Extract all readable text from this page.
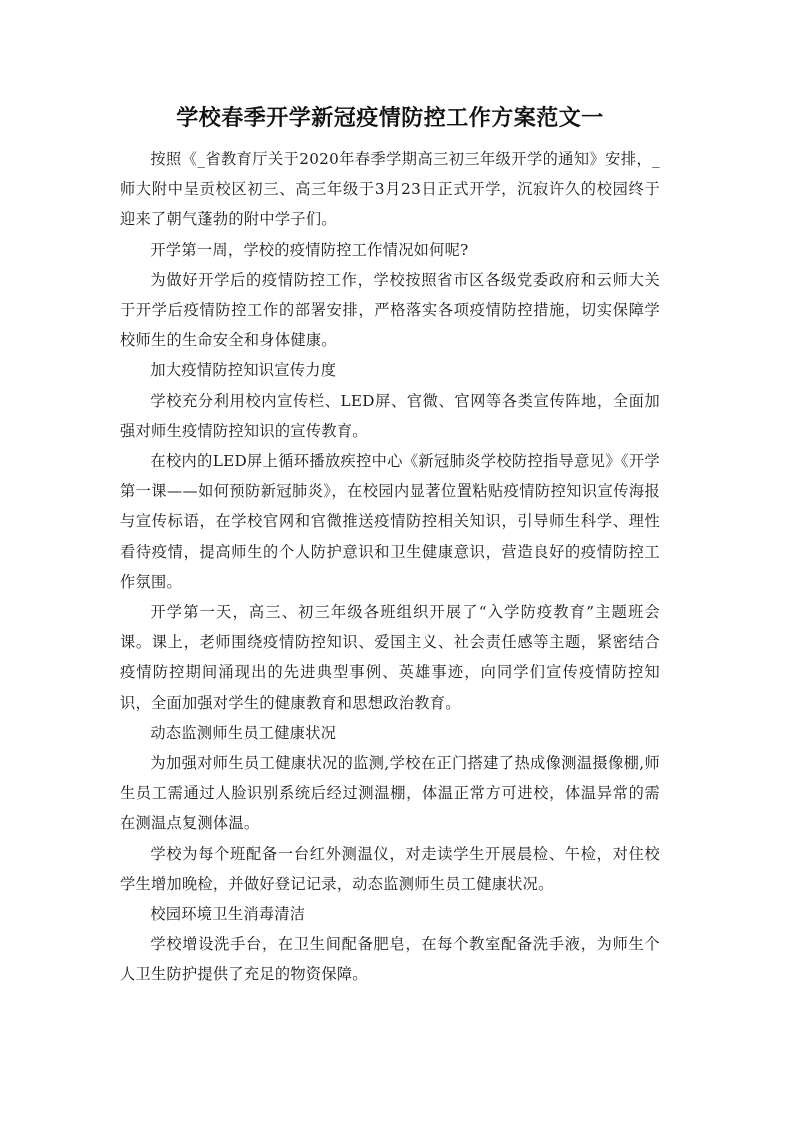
学校春季开学新冠疫情防控工作方案范文一

按照《_省教育厅关于2020年春季学期高三初三年级开学的通知》安排，_师大附中呈贡校区初三、高三年级于3月23日正式开学，沉寂许久的校园终于迎来了朝气蓬勃的附中学子们。

开学第一周，学校的疫情防控工作情况如何呢?

为做好开学后的疫情防控工作，学校按照省市区各级党委政府和云师大关于开学后疫情防控工作的部署安排，严格落实各项疫情防控措施，切实保障学校师生的生命安全和身体健康。

加大疫情防控知识宣传力度

学校充分利用校内宣传栏、LED屏、官微、官网等各类宣传阵地，全面加强对师生疫情防控知识的宣传教育。

在校内的LED屏上循环播放疾控中心《新冠肺炎学校防控指导意见》《开学第一课——如何预防新冠肺炎》，在校园内显著位置粘贴疫情防控知识宣传海报与宣传标语，在学校官网和官微推送疫情防控相关知识，引导师生科学、理性看待疫情，提高师生的个人防护意识和卫生健康意识，营造良好的疫情防控工作氛围。

开学第一天，高三、初三年级各班组织开展了“入学防疫教育”主题班会课。课上，老师围绕疫情防控知识、爱国主义、社会责任感等主题，紧密结合疫情防控期间涌现出的先进典型事例、英雄事迹，向同学们宣传疫情防控知识，全面加强对学生的健康教育和思想政治教育。

动态监测师生员工健康状况

为加强对师生员工健康状况的监测,学校在正门搭建了热成像测温摄像棚,师生员工需通过人脸识别系统后经过测温棚，体温正常方可进校，体温异常的需在测温点复测体温。

学校为每个班配备一台红外测温仪，对走读学生开展晨检、午检，对住校学生增加晚检，并做好登记记录，动态监测师生员工健康状况。

校园环境卫生消毒清洁

学校增设洗手台，在卫生间配备肥皂，在每个教室配备洗手液，为师生个人卫生防护提供了充足的物资保障。
